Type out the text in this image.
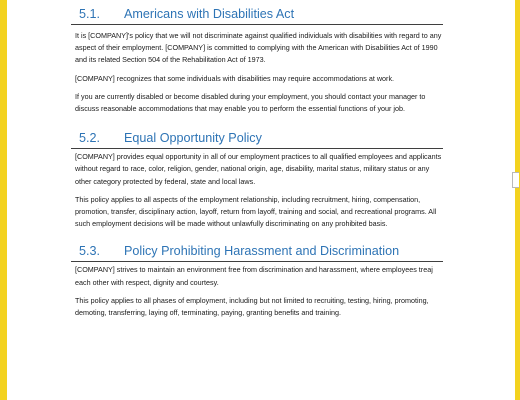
5.1. Americans with Disabilities Act

It is [COMPANY]'s policy that we will not discriminate against qualified individuals with disabilities with regard to any aspect of their employment. [COMPANY] is committed to complying with the American with Disabilities Act of 1990 and its related Section 504 of the Rehabilitation Act of 1973.

[COMPANY] recognizes that some individuals with disabilities may require accommodations at work.

If you are currently disabled or become disabled during your employment, you should contact your manager to discuss reasonable accommodations that may enable you to perform the essential functions of your job.

5.2. Equal Opportunity Policy

[COMPANY] provides equal opportunity in all of our employment practices to all qualified employees and applicants without regard to race, color, religion, gender, national origin, age, disability, marital status, military status or any other category protected by federal, state and local laws.

This policy applies to all aspects of the employment relationship, including recruitment, hiring, compensation, promotion, transfer, disciplinary action, layoff, return from layoff, training and social, and recreational programs. All such employment decisions will be made without unlawfully discriminating on any prohibited basis.

5.3. Policy Prohibiting Harassment and Discrimination

[COMPANY] strives to maintain an environment free from discrimination and harassment, where employees treaj each other with respect, dignity and courtesy.

This policy applies to all phases of employment, including but not limited to recruiting, testing, hiring, promoting, demoting, transferring, laying off, terminating, paying, granting benefits and training.
